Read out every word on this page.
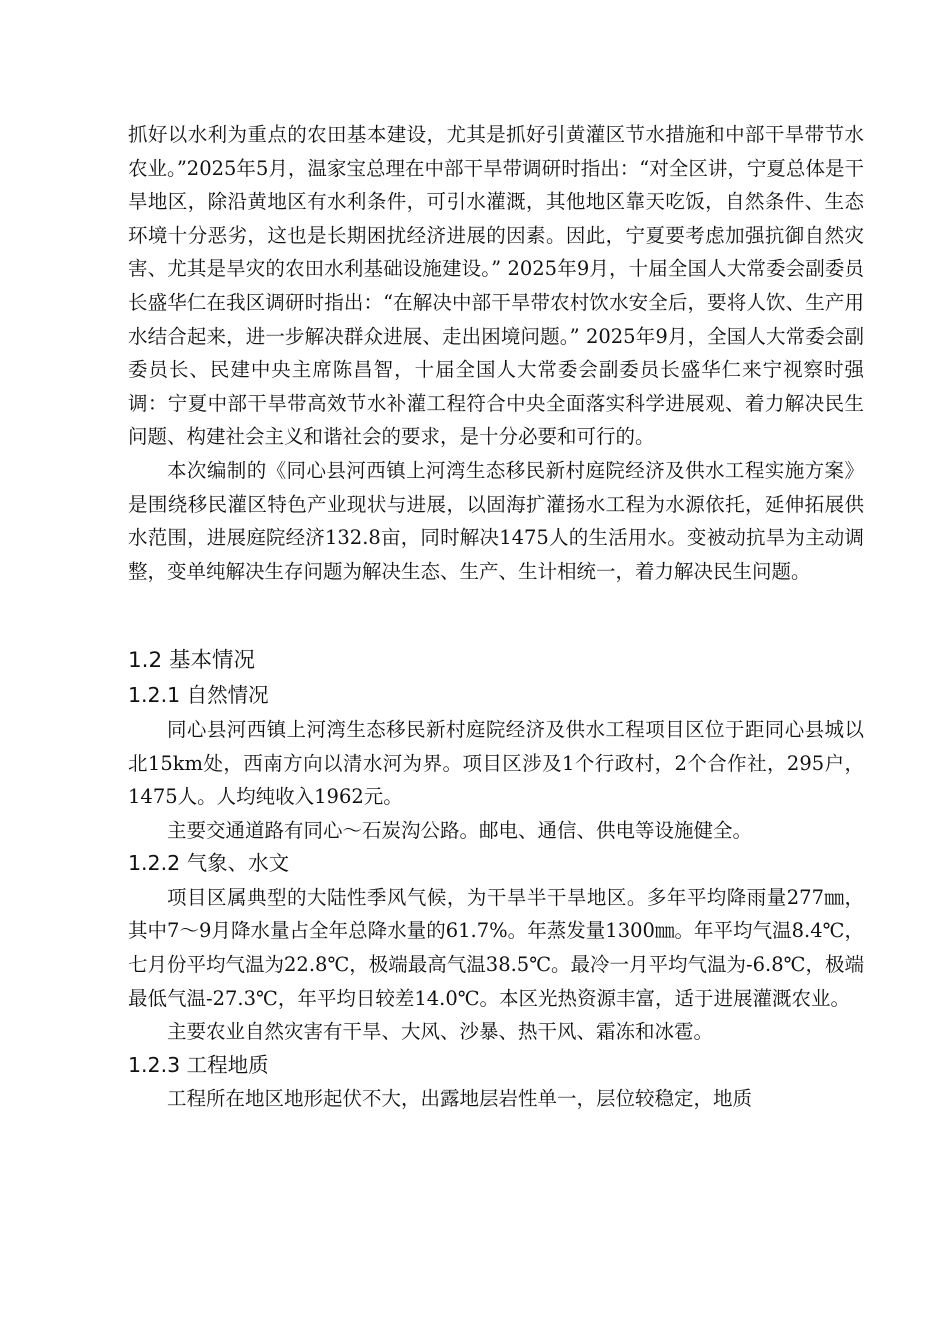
抓好以水利为重点的农田基本建设，尤其是抓好引黄灌区节水措施和中部干旱带节水农业。”2025年5月，温家宝总理在中部干旱带调研时指出：“对全区讲，宁夏总体是干旱地区，除沿黄地区有水利条件，可引水灌溉，其他地区靠天吃饭，自然条件、生态环境十分恶劣，这也是长期困扰经济进展的因素。因此，宁夏要考虑加强抗御自然灾害、尤其是旱灾的农田水利基础设施建设。” 2025年9月，十届全国人大常委会副委员长盛华仁在我区调研时指出：“在解决中部干旱带农村饮水安全后，要将人饮、生产用水结合起来，进一步解决群众进展、走出困境问题。” 2025年9月，全国人大常委会副委员长、民建中央主席陈昌智，十届全国人大常委会副委员长盛华仁来宁视察时强调：宁夏中部干旱带高效节水补灌工程符合中央全面落实科学进展观、着力解决民生问题、构建社会主义和谐社会的要求，是十分必要和可行的。

本次编制的《同心县河西镇上河湾生态移民新村庭院经济及供水工程实施方案》是围绕移民灌区特色产业现状与进展，以固海扩灌扬水工程为水源依托，延伸拓展供水范围，进展庭院经济132.8亩，同时解决1475人的生活用水。变被动抗旱为主动调整，变单纯解决生存问题为解决生态、生产、生计相统一，着力解决民生问题。

1.2 基本情况
1.2.1 自然情况

同心县河西镇上河湾生态移民新村庭院经济及供水工程项目区位于距同心县城以北15km处，西南方向以清水河为界。项目区涉及1个行政村，2个合作社，295户，1475人。人均纯收入1962元。

主要交通道路有同心～石炭沟公路。邮电、通信、供电等设施健全。

1.2.2 气象、水文

项目区属典型的大陆性季风气候，为干旱半干旱地区。多年平均降雨量277㎜，其中7～9月降水量占全年总降水量的61.7%。年蒸发量1300㎜。年平均气温8.4℃，七月份平均气温为22.8℃，极端最高气温38.5℃。最冷一月平均气温为-6.8℃，极端最低气温-27.3℃，年平均日较差14.0℃。本区光热资源丰富，适于进展灌溉农业。

主要农业自然灾害有干旱、大风、沙暴、热干风、霜冻和冰雹。

1.2.3 工程地质

工程所在地区地形起伏不大，出露地层岩性单一，层位较稳定，地质
